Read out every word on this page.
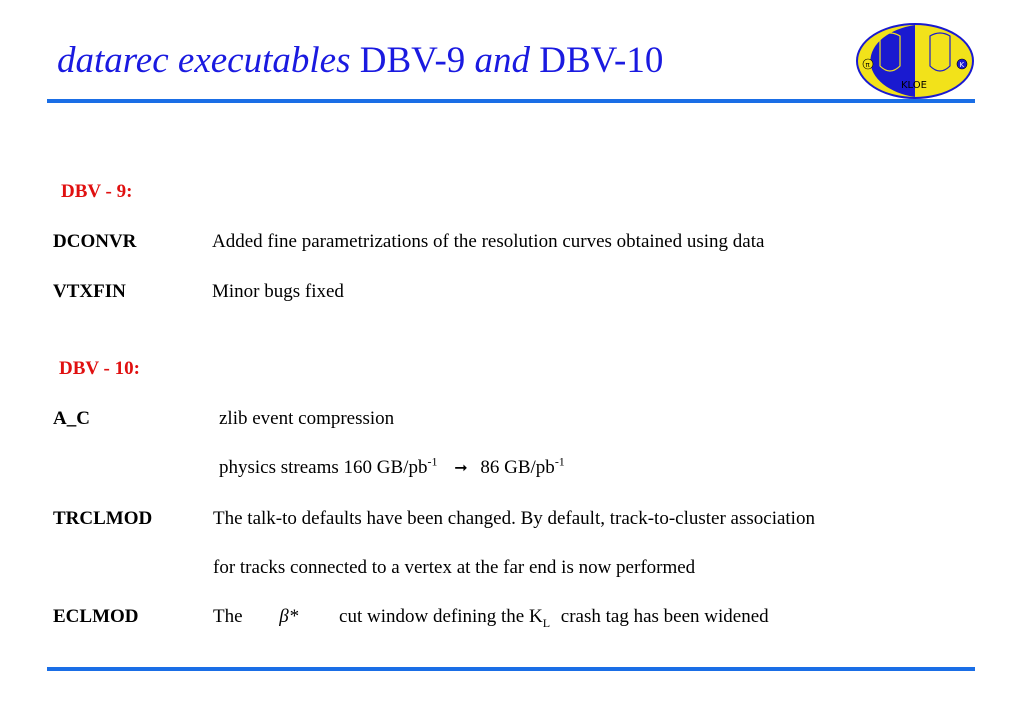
datarec executables DBV-9 and DBV-10	π	K
KLOE
DBV - 9:
DCONVR	Added fine parametrizations of the resolution curves obtained using data
VTXFIN	Minor bugs fixed
DBV - 10:
A_C	zlib event compression
physics streams 160 $GB/pb^{-1}$ ➞ 86 $GB/pb^{-1}$
TRCLMOD	The talk-to defaults have been changed. By default, track-to-cluster association
for tracks connected to a vertex at the far end is now performed
ECLMOD	The β* cut window defining the $K_L$ crash tag has been widened
